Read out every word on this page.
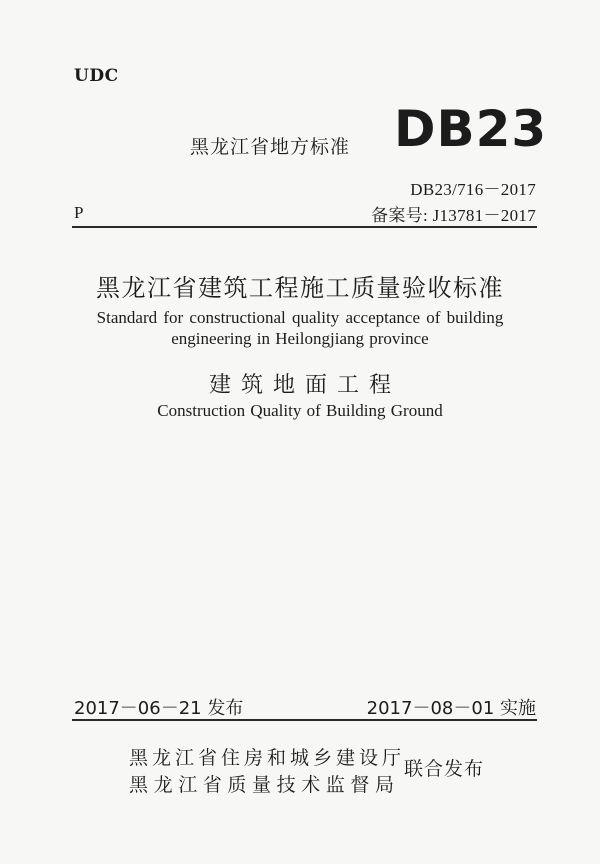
UDC
黑龙江省地方标准 DB23
DB23/716－2017
P	备案号: J13781－2017
黑龙江省建筑工程施工质量验收标准
Standard for constructional quality acceptance of building
engineering in Heilongjiang province
建筑地面工程
Construction Quality of Building Ground
2017－06－21 发布	2017－08－01 实施
黑龙江省住房和城乡建设厅
黑龙江省质量技术监督局
联合发布
